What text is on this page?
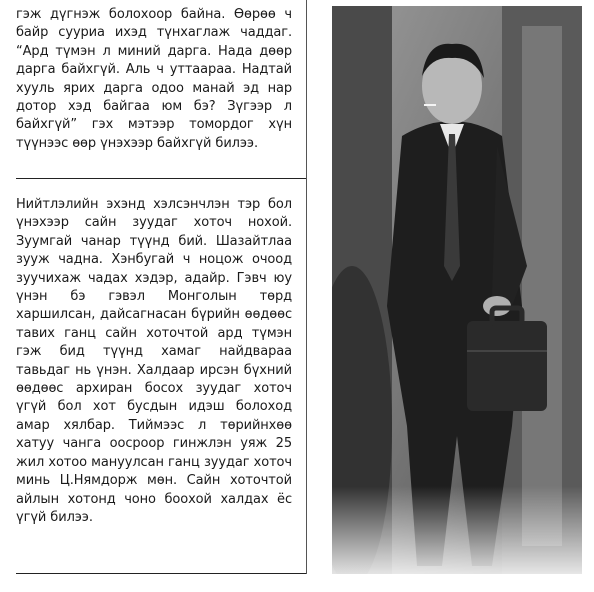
гэж дүгнэж болохоор байна. Өөрөө ч байр сууриа ихэд түнхаглаж чаддаг. “Ард түмэн л миний дарга. Нада дөөр дарга байхгүй. Аль ч уттаараа. Надтай хууль ярих дарга одоо манай эд нар дотор хэд байгаа юм бэ? Зүгээр л байхгүй” гэх мэтээр томордог хүн түүнээс өөр үнэхээр байхгүй билээ.

Нийтлэлийн эхэнд хэлсэнчлэн тэр бол үнэхээр сайн зуудаг хоточ нохой. Зуумгай чанар түүнд бий. Шазайтлаа зууж чадна. Хэнбугай ч ноцож очоод зуучихаж чадах хэдэр, адайр. Гэвч юу үнэн бэ гэвэл Монголын төрд харшилсан, дайсагнасан бүрийн өөдөөс тавих ганц сайн хоточтой ард түмэн гэж бид түүнд хамаг найдвараа тавьдаг нь үнэн. Халдаар ирсэн бүхний өөдөөс архиран босох зуудаг хоточ үгүй бол хот бусдын идэш болоход амар хялбар. Тиймээс л төрийнхөө хатуу чанга оосроор гинжлэн уяж 25 жил хотоо мануулсан ганц зуудаг хоточ минь Ц.Нямдорж мөн. Сайн хоточтой айлын хотонд чоно боохой халдах ёс үгүй билээ.
